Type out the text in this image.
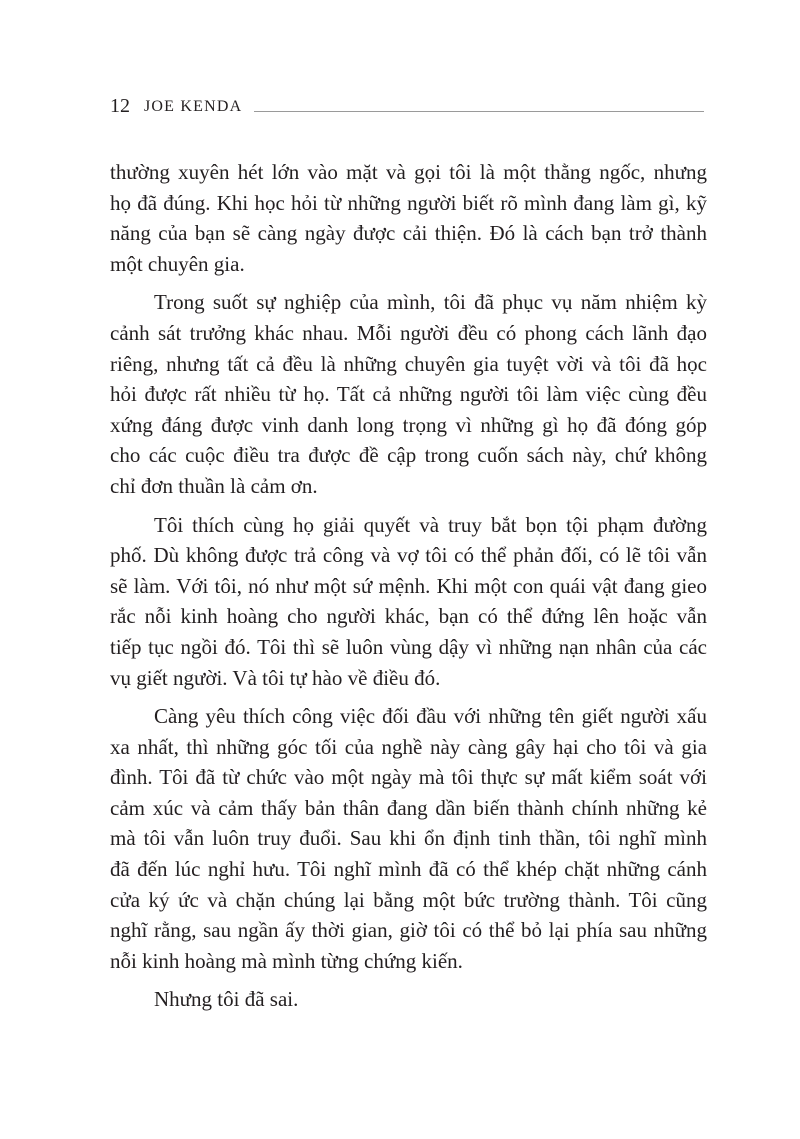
12 JOE KENDA
thường xuyên hét lớn vào mặt và gọi tôi là một thằng ngốc, nhưng
họ đã đúng. Khi học hỏi từ những người biết rõ mình đang làm gì, kỹ
năng của bạn sẽ càng ngày được cải thiện. Đó là cách bạn trở thành
một chuyên gia.
Trong suốt sự nghiệp của mình, tôi đã phục vụ năm nhiệm kỳ
cảnh sát trưởng khác nhau. Mỗi người đều có phong cách lãnh đạo
riêng, nhưng tất cả đều là những chuyên gia tuyệt vời và tôi đã học
hỏi được rất nhiều từ họ. Tất cả những người tôi làm việc cùng đều
xứng đáng được vinh danh long trọng vì những gì họ đã đóng góp
cho các cuộc điều tra được đề cập trong cuốn sách này, chứ không
chỉ đơn thuần là cảm ơn.
Tôi thích cùng họ giải quyết và truy bắt bọn tội phạm đường
phố. Dù không được trả công và vợ tôi có thể phản đối, có lẽ tôi vẫn
sẽ làm. Với tôi, nó như một sứ mệnh. Khi một con quái vật đang gieo
rắc nỗi kinh hoàng cho người khác, bạn có thể đứng lên hoặc vẫn
tiếp tục ngồi đó. Tôi thì sẽ luôn vùng dậy vì những nạn nhân của các
vụ giết người. Và tôi tự hào về điều đó.
Càng yêu thích công việc đối đầu với những tên giết người xấu
xa nhất, thì những góc tối của nghề này càng gây hại cho tôi và gia
đình. Tôi đã từ chức vào một ngày mà tôi thực sự mất kiểm soát với
cảm xúc và cảm thấy bản thân đang dần biến thành chính những kẻ
mà tôi vẫn luôn truy đuổi. Sau khi ổn định tinh thần, tôi nghĩ mình
đã đến lúc nghỉ hưu. Tôi nghĩ mình đã có thể khép chặt những cánh
cửa ký ức và chặn chúng lại bằng một bức trường thành. Tôi cũng
nghĩ rằng, sau ngần ấy thời gian, giờ tôi có thể bỏ lại phía sau những
nỗi kinh hoàng mà mình từng chứng kiến.
Nhưng tôi đã sai.
